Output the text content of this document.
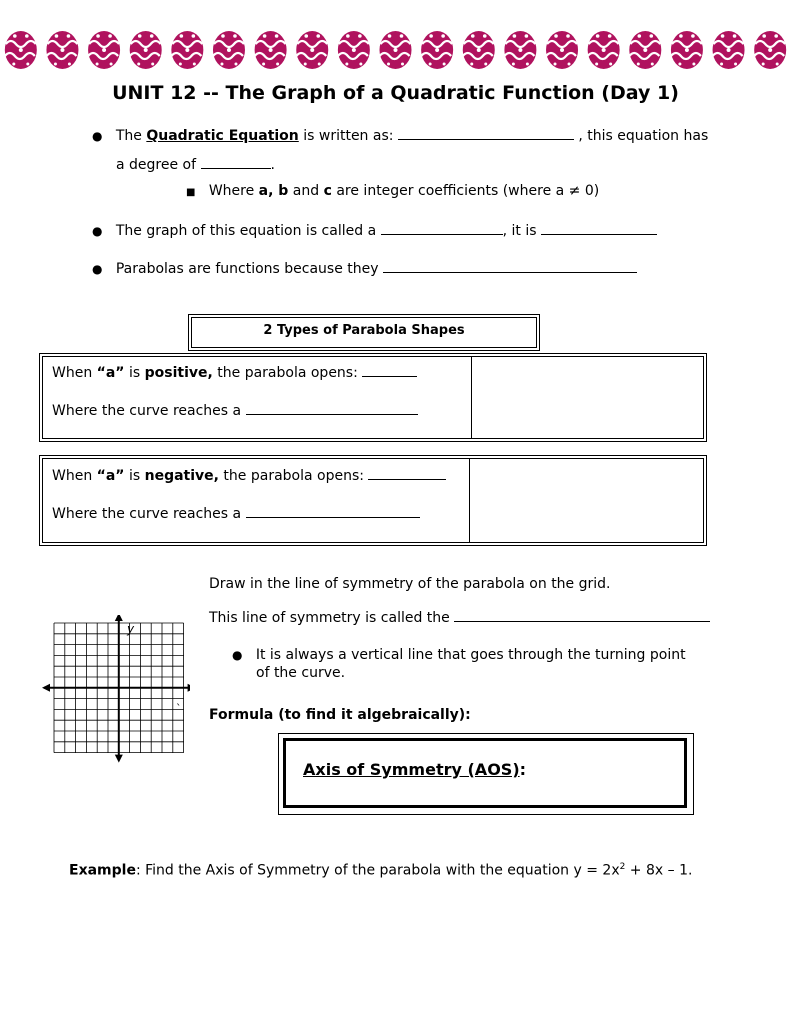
UNIT 12 -- The Graph of a Quadratic Function (Day 1)
● The Quadratic Equation is written as:	, this equation has
a degree of	.
■ Where a, b and c are integer coefficients (where a ≠ 0)
● The graph of this equation is called a	, it is
● Parabolas are functions because they
2 Types of Parabola Shapes
When “a” is positive, the parabola opens:
Where the curve reaches a
When “a” is negative, the parabola opens:
Where the curve reaches a
Draw in the line of symmetry of the parabola on the grid.
This line of symmetry is called the
● It is always a vertical line that goes through the turning point
of the curve.
Formula (to find it algebraically):
Axis of Symmetry (AOS):
y
`
Example: Find the Axis of Symmetry of the parabola with the equation $y = 2x^2 + 8x - 1$.
